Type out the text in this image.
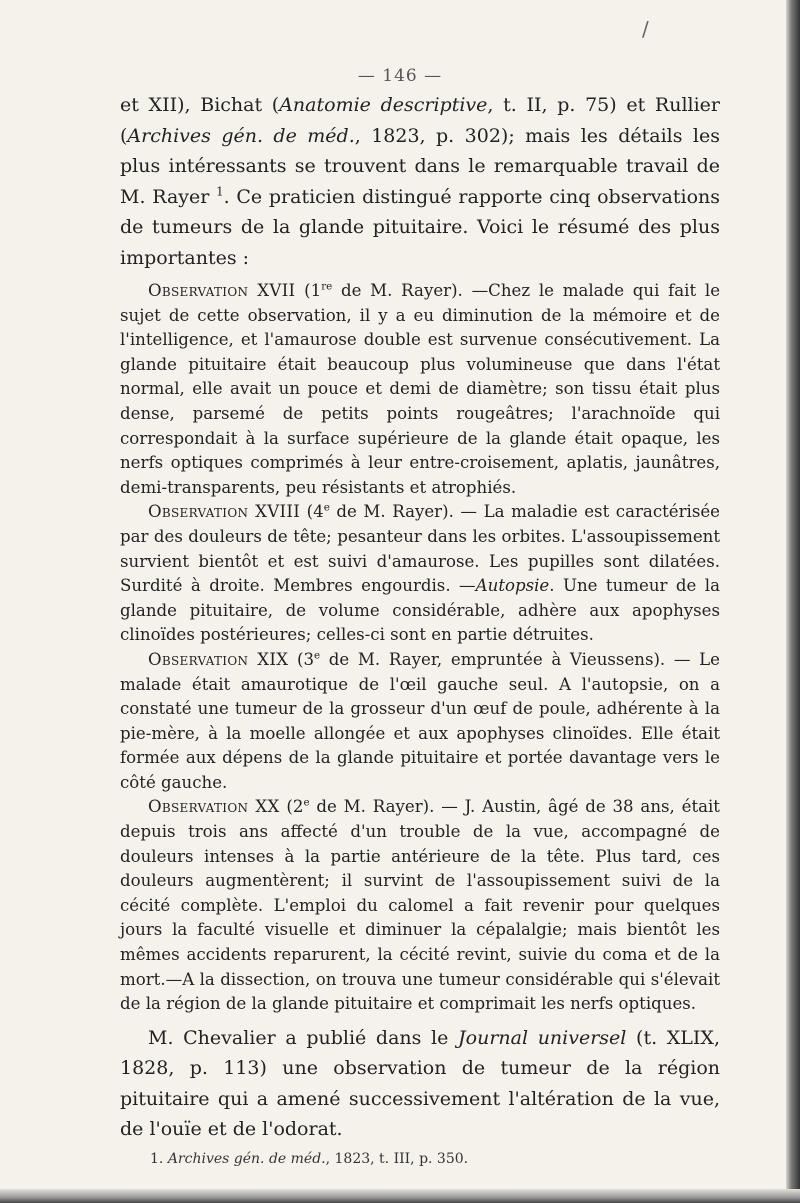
/
— 146 —

et XII), Bichat (Anatomie descriptive, t. II, p. 75) et Rullier (Archives gén. de méd., 1823, p. 302); mais les détails les plus intéressants se trouvent dans le remarquable travail de M. Rayer $^1$. Ce praticien distingué rapporte cinq observations de tumeurs de la glande pituitaire. Voici le résumé des plus importantes :

Observation XVII (1re de M. Rayer). —Chez le malade qui fait le sujet de cette observation, il y a eu diminution de la mémoire et de l'intelligence, et l'amaurose double est survenue consécutivement. La glande pituitaire était beaucoup plus volumineuse que dans l'état normal, elle avait un pouce et demi de diamètre; son tissu était plus dense, parsemé de petits points rougeâtres; l'arachnoïde qui correspondait à la surface supérieure de la glande était opaque, les nerfs optiques comprimés à leur entre-croisement, aplatis, jaunâtres, demi-transparents, peu résistants et atrophiés.

Observation XVIII (4e de M. Rayer). — La maladie est caractérisée par des douleurs de tête; pesanteur dans les orbites. L'assoupissement survient bientôt et est suivi d'amaurose. Les pupilles sont dilatées. Surdité à droite. Membres engourdis. —Autopsie. Une tumeur de la glande pituitaire, de volume considérable, adhère aux apophyses clinoïdes postérieures; celles-ci sont en partie détruites.

Observation XIX (3e de M. Rayer, empruntée à Vieussens). — Le malade était amaurotique de l'œil gauche seul. A l'autopsie, on a constaté une tumeur de la grosseur d'un œuf de poule, adhérente à la pie-mère, à la moelle allongée et aux apophyses clinoïdes. Elle était formée aux dépens de la glande pituitaire et portée davantage vers le côté gauche.

Observation XX (2e de M. Rayer). — J. Austin, âgé de 38 ans, était depuis trois ans affecté d'un trouble de la vue, accompagné de douleurs intenses à la partie antérieure de la tête. Plus tard, ces douleurs augmentèrent; il survint de l'assoupissement suivi de la cécité complète. L'emploi du calomel a fait revenir pour quelques jours la faculté visuelle et diminuer la cépalalgie; mais bientôt les mêmes accidents reparurent, la cécité revint, suivie du coma et de la mort.—A la dissection, on trouva une tumeur considérable qui s'élevait de la région de la glande pituitaire et comprimait les nerfs optiques.

M. Chevalier a publié dans le Journal universel (t. XLIX, 1828, p. 113) une observation de tumeur de la région pituitaire qui a amené successivement l'altération de la vue, de l'ouïe et de l'odorat.

1. Archives gén. de méd., 1823, t. III, p. 350.
